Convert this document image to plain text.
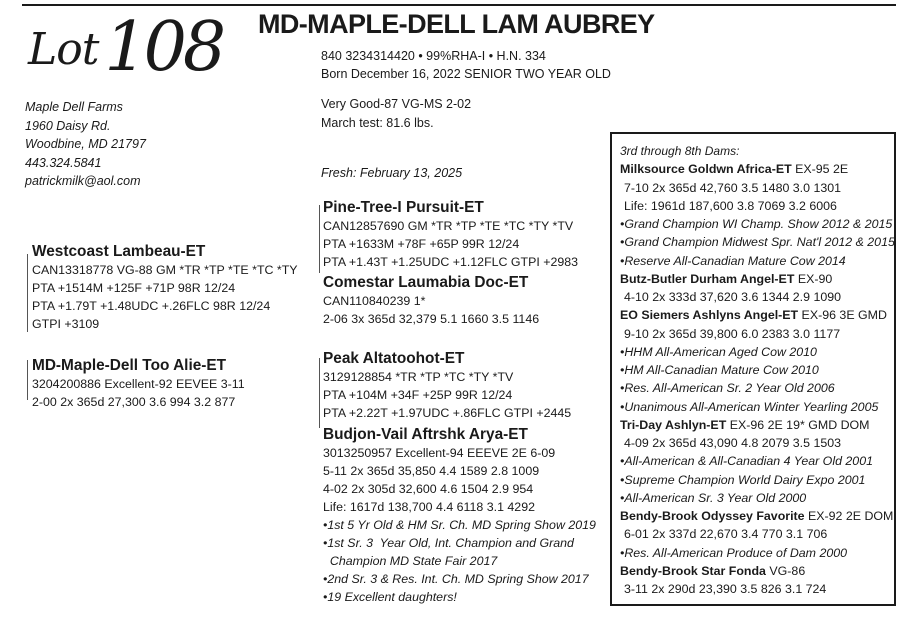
Lot108 MD-MAPLE-DELL LAM AUBREY
840 3234314420 • 99%RHA-I • H.N. 334
Born December 16, 2022 SENIOR TWO YEAR OLD
Very Good-87 VG-MS 2-02
March test: 81.6 lbs.
Fresh: February 13, 2025
Maple Dell Farms
1960 Daisy Rd.
Woodbine, MD 21797
443.324.5841
patrickmilk@aol.com
Westcoast Lambeau-ET
CAN13318778 VG-88 GM *TR *TP *TE *TC *TY
PTA +1514M +125F +71P 98R 12/24
PTA +1.79T +1.48UDC +.26FLC 98R 12/24
GTPI +3109
MD-Maple-Dell Too Alie-ET
3204200886 Excellent-92 EEVEE 3-11
2-00 2x 365d 27,300 3.6 994 3.2 877
Pine-Tree-I Pursuit-ET
CAN12857690 GM *TR *TP *TE *TC *TY *TV
PTA +1633M +78F +65P 99R 12/24
PTA +1.43T +1.25UDC +1.12FLC GTPI +2983
Comestar Laumabia Doc-ET
CAN110840239 1*
2-06 3x 365d 32,379 5.1 1660 3.5 1146
Peak Altatoohot-ET
3129128854 *TR *TP *TC *TY *TV
PTA +104M +34F +25P 99R 12/24
PTA +2.22T +1.97UDC +.86FLC GTPI +2445
Budjon-Vail Aftrshk Arya-ET
3013250957 Excellent-94 EEEVE 2E 6-09
5-11 2x 365d 35,850 4.4 1589 2.8 1009
4-02 2x 305d 32,600 4.6 1504 2.9 954
Life: 1617d 138,700 4.4 6118 3.1 4292
•1st 5 Yr Old & HM Sr. Ch. MD Spring Show 2019
•1st Sr. 3  Year Old, Int. Champion and Grand
Champion MD State Fair 2017
•2nd Sr. 3 & Res. Int. Ch. MD Spring Show 2017
•19 Excellent daughters!
3rd through 8th Dams:
Milksource Goldwn Africa-ET EX-95 2E
7-10 2x 365d 42,760 3.5 1480 3.0 1301
Life: 1961d 187,600 3.8 7069 3.2 6006
•Grand Champion WI Champ. Show 2012 & 2015
•Grand Champion Midwest Spr. Nat'l 2012 & 2015
•Reserve All-Canadian Mature Cow 2014
Butz-Butler Durham Angel-ET EX-90
4-10 2x 333d 37,620 3.6 1344 2.9 1090
EO Siemers Ashlyns Angel-ET EX-96 3E GMD
9-10 2x 365d 39,800 6.0 2383 3.0 1177
•HHM All-American Aged Cow 2010
•HM All-Canadian Mature Cow 2010
•Res. All-American Sr. 2 Year Old 2006
•Unanimous All-American Winter Yearling 2005
Tri-Day Ashlyn-ET EX-96 2E 19* GMD DOM
4-09 2x 365d 43,090 4.8 2079 3.5 1503
•All-American & All-Canadian 4 Year Old 2001
•Supreme Champion World Dairy Expo 2001
•All-American Sr. 3 Year Old 2000
Bendy-Brook Odyssey Favorite EX-92 2E DOM
6-01 2x 337d 22,670 3.4 770 3.1 706
•Res. All-American Produce of Dam 2000
Bendy-Brook Star Fonda VG-86
3-11 2x 290d 23,390 3.5 826 3.1 724
